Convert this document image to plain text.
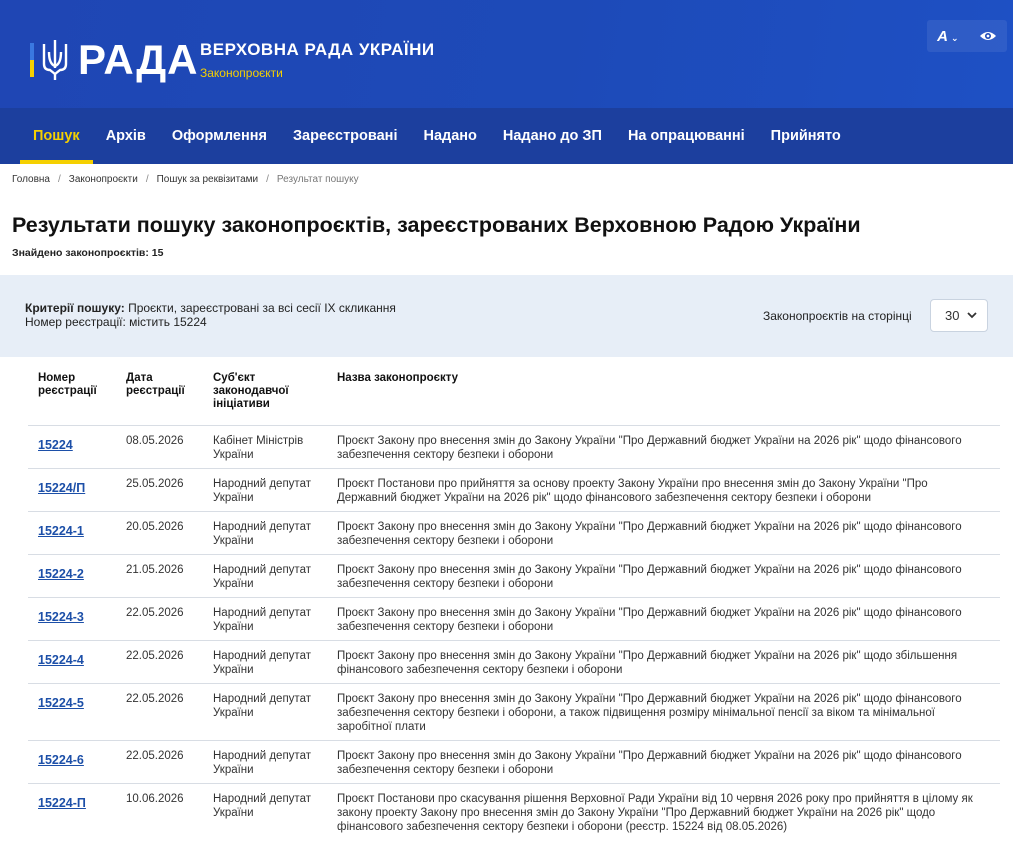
РАДА ВЕРХОВНА РАДА УКРАЇНИ
Законопроєкти
A ⌄
Пошук	Архів	Оформлення	Зареєстровані	Надано	Надано до ЗП	На опрацюванні	Прийнято
Головна / Законопроєкти / Пошук за реквізитами / Результат пошуку
Результати пошуку законопроєктів, зареєстрованих Верховною Радою України
Знайдено законопроєктів: 15
Критерії пошуку: Проєкти, зареєстровані за всі сесії IX скликання
Номер реєстрації: містить 15224	Законопроєктів на сторінці	30
Номер реєстрації	Дата реєстрації	Суб'єкт законодавчої ініціативи	Назва законопроєкту
15224	08.05.2026	Кабінет Міністрів України	Проєкт Закону про внесення змін до Закону України "Про Державний бюджет України на 2026 рік" щодо фінансового забезпечення сектору безпеки і оборони
15224/П	25.05.2026	Народний депутат України	Проєкт Постанови про прийняття за основу проекту Закону України про внесення змін до Закону України "Про Державний бюджет України на 2026 рік" щодо фінансового забезпечення сектору безпеки і оборони
15224-1	20.05.2026	Народний депутат України	Проєкт Закону про внесення змін до Закону України "Про Державний бюджет України на 2026 рік" щодо фінансового забезпечення сектору безпеки і оборони
15224-2	21.05.2026	Народний депутат України	Проєкт Закону про внесення змін до Закону України "Про Державний бюджет України на 2026 рік" щодо фінансового забезпечення сектору безпеки і оборони
15224-3	22.05.2026	Народний депутат України	Проєкт Закону про внесення змін до Закону України "Про Державний бюджет України на 2026 рік" щодо фінансового забезпечення сектору безпеки і оборони
15224-4	22.05.2026	Народний депутат України	Проєкт Закону про внесення змін до Закону України "Про Державний бюджет України на 2026 рік" щодо збільшення фінансового забезпечення сектору безпеки і оборони
15224-5	22.05.2026	Народний депутат України	Проєкт Закону про внесення змін до Закону України "Про Державний бюджет України на 2026 рік" щодо фінансового забезпечення сектору безпеки і оборони, а також підвищення розміру мінімальної пенсії за віком та мінімальної заробітної плати
15224-6	22.05.2026	Народний депутат України	Проєкт Закону про внесення змін до Закону України "Про Державний бюджет України на 2026 рік" щодо фінансового забезпечення сектору безпеки і оборони
15224-П	10.06.2026	Народний депутат України	Проєкт Постанови про скасування рішення Верховної Ради України від 10 червня 2026 року про прийняття в цілому як закону проекту Закону про внесення змін до Закону України "Про Державний бюджет України на 2026 рік" щодо фінансового забезпечення сектору безпеки і оборони (реєстр. 15224 від 08.05.2026)
